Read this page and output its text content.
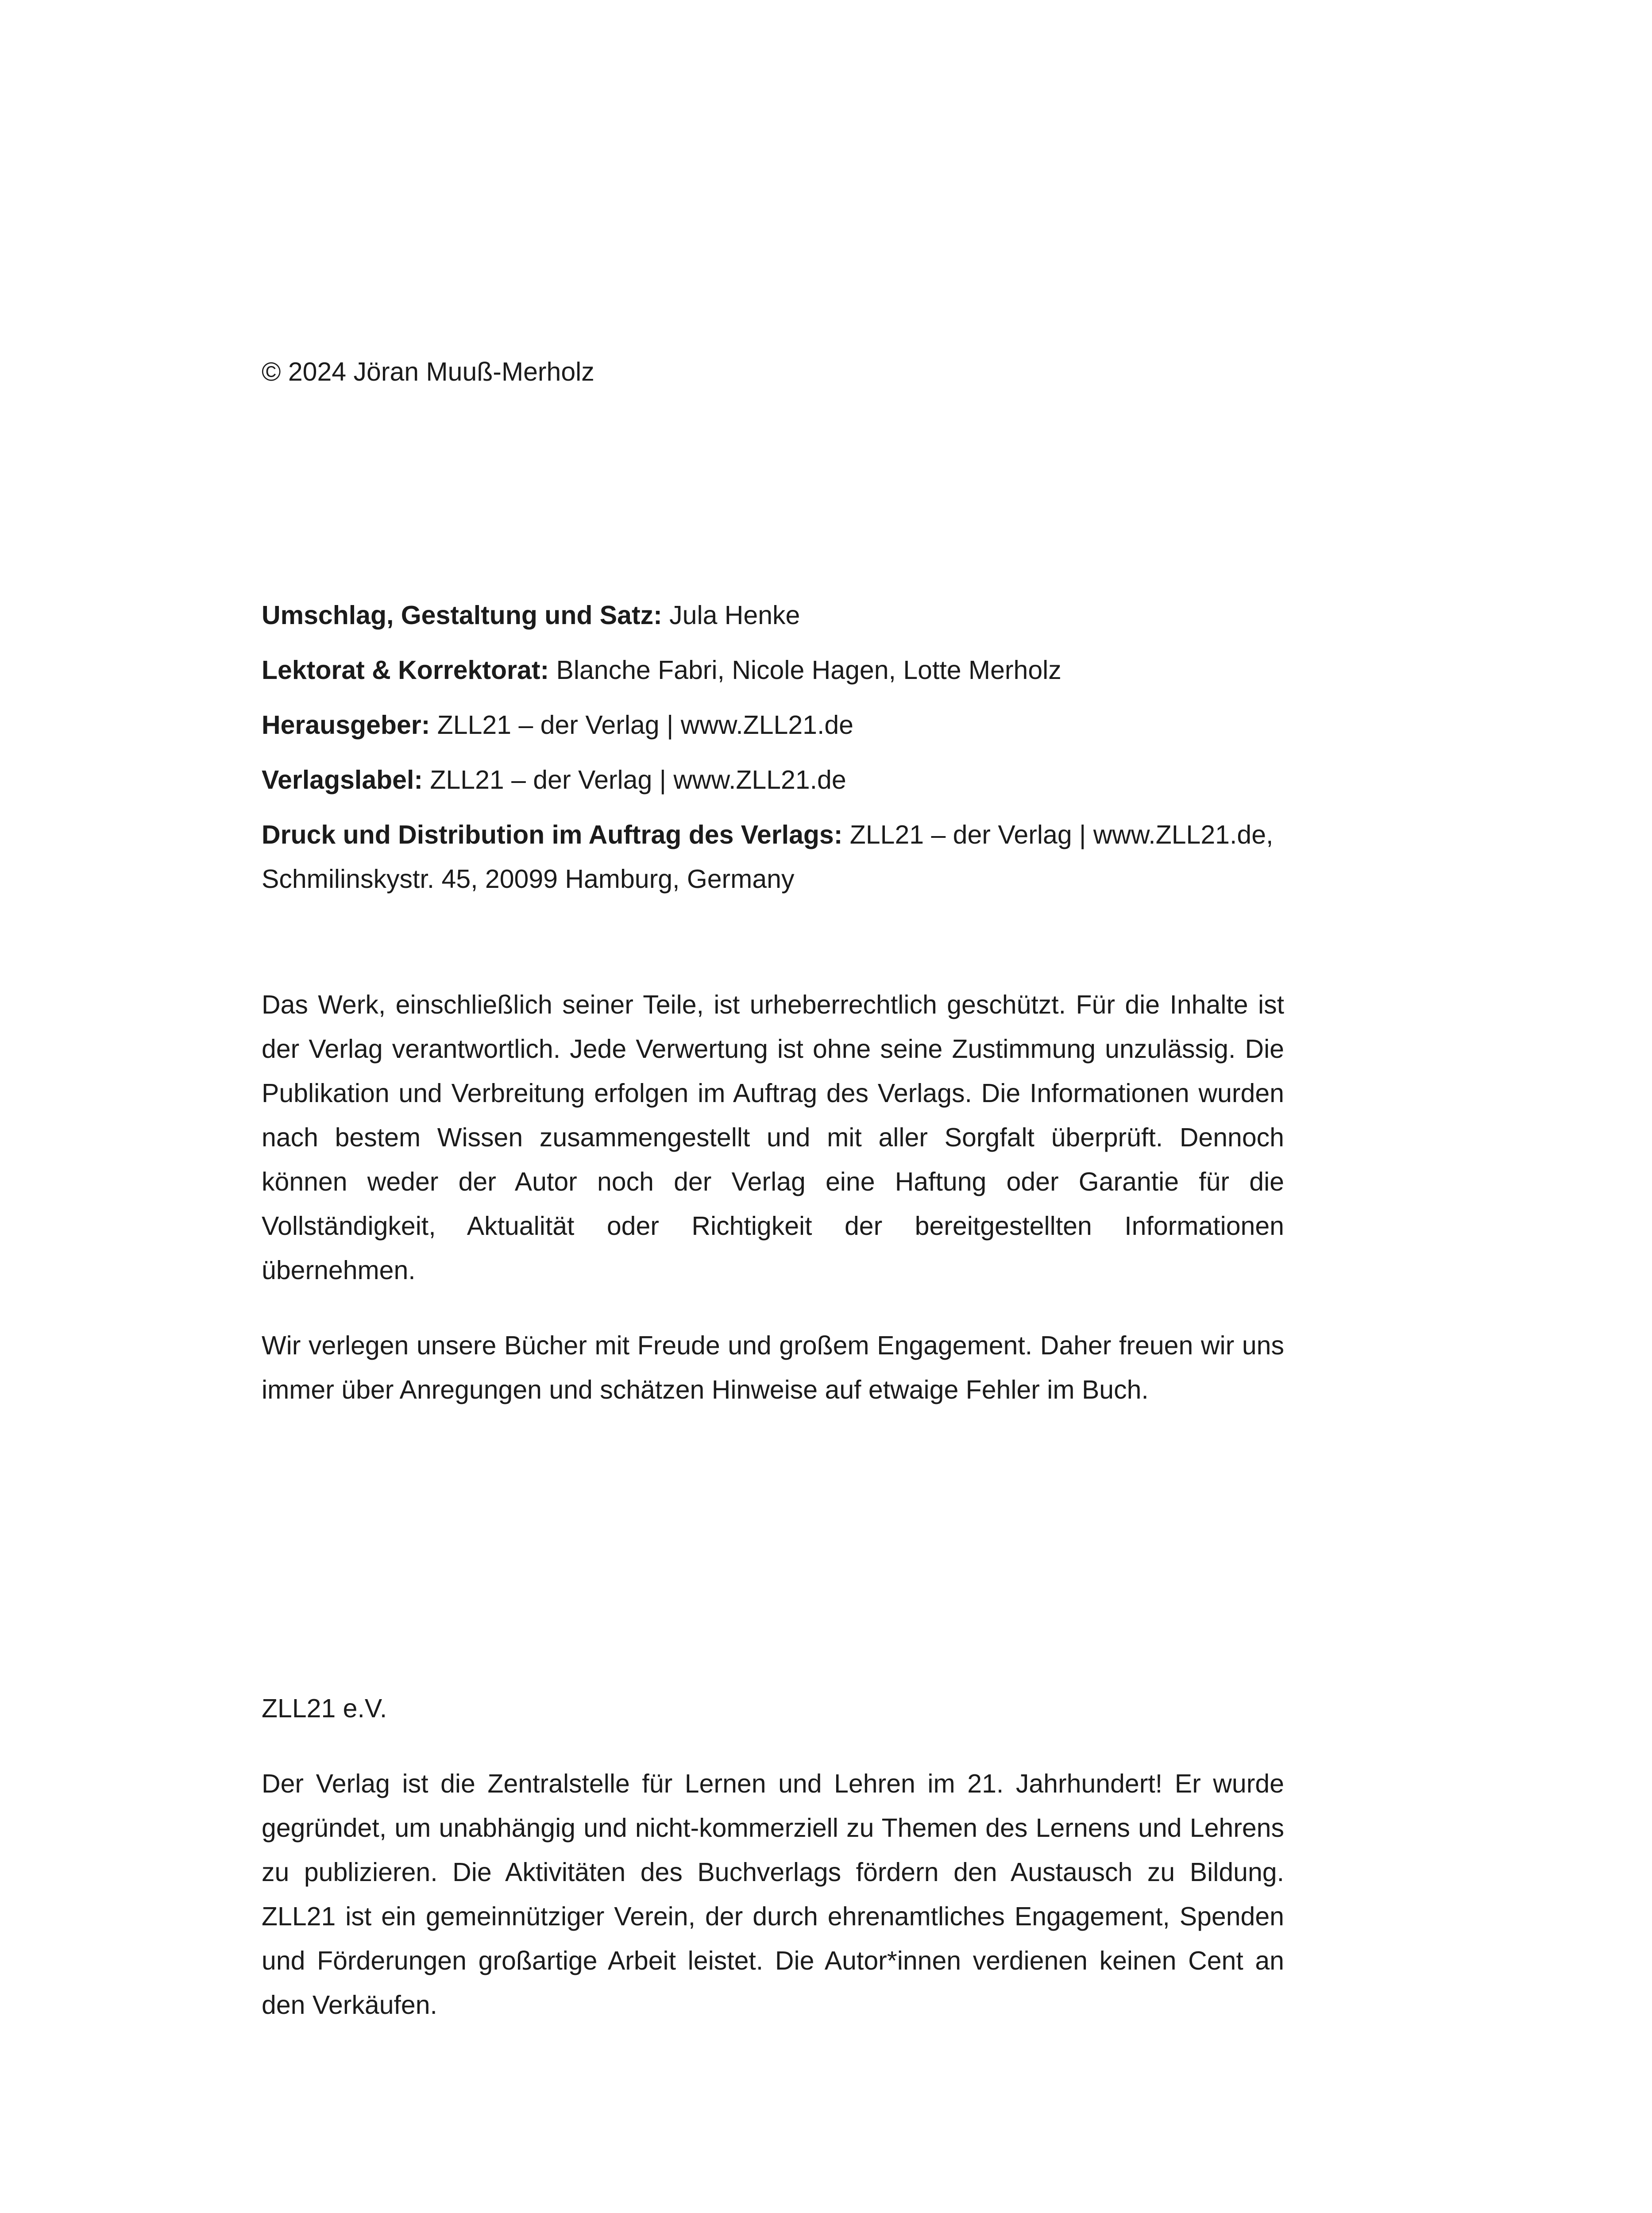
© 2024 Jöran Muuß-Merholz

Umschlag, Gestaltung und Satz: Jula Henke

Lektorat & Korrektorat: Blanche Fabri, Nicole Hagen, Lotte Merholz

Herausgeber: ZLL21 – der Verlag | www.ZLL21.de

Verlagslabel: ZLL21 – der Verlag | www.ZLL21.de

Druck und Distribution im Auftrag des Verlags: ZLL21 – der Verlag | www.ZLL21.de, Schmilinskystr. 45, 20099 Hamburg, Germany

Das Werk, einschließlich seiner Teile, ist urheberrechtlich geschützt. Für die Inhalte ist der Verlag verantwortlich. Jede Verwertung ist ohne seine Zustimmung unzulässig. Die Publikation und Verbreitung erfolgen im Auftrag des Verlags. Die Informationen wurden nach bestem Wissen zusammengestellt und mit aller Sorgfalt überprüft. Dennoch können weder der Autor noch der Verlag eine Haftung oder Garantie für die Vollständigkeit, Aktualität oder Richtigkeit der bereitgestellten Informationen übernehmen.

Wir verlegen unsere Bücher mit Freude und großem Engagement. Daher freuen wir uns immer über Anregungen und schätzen Hinweise auf etwaige Fehler im Buch.

ZLL21 e.V.

Der Verlag ist die Zentralstelle für Lernen und Lehren im 21. Jahrhundert! Er wurde gegründet, um unabhängig und nicht-kommerziell zu Themen des Lernens und Lehrens zu publizieren. Die Aktivitäten des Buchverlags fördern den Austausch zu Bildung. ZLL21 ist ein gemeinnütziger Verein, der durch ehrenamtliches Engagement, Spenden und Förderungen großartige Arbeit leistet. Die Autor*innen verdienen keinen Cent an den Verkäufen.
